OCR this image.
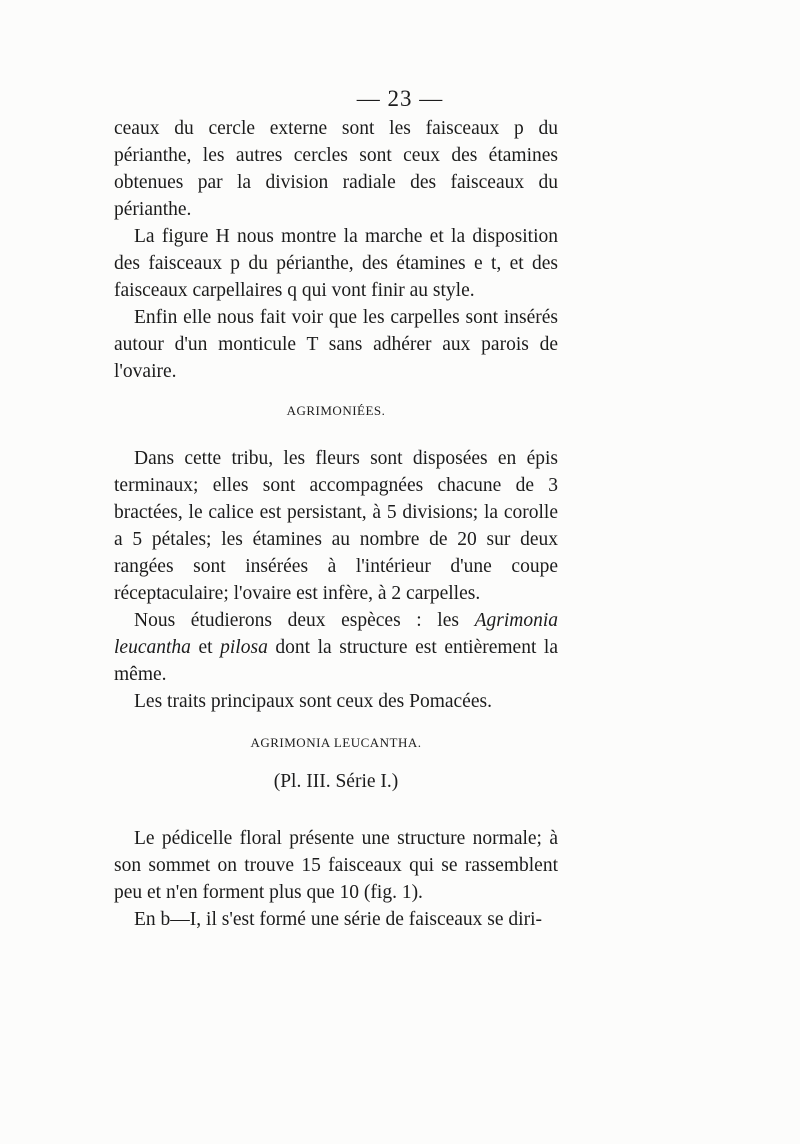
— 23 —

ceaux du cercle externe sont les faisceaux p du périanthe, les autres cercles sont ceux des étamines obtenues par la division radiale des faisceaux du périanthe.

La figure H nous montre la marche et la disposition des faisceaux p du périanthe, des étamines e t, et des faisceaux carpellaires q qui vont finir au style.

Enfin elle nous fait voir que les carpelles sont insérés autour d'un monticule T sans adhérer aux parois de l'ovaire.

AGRIMONIÉES.

Dans cette tribu, les fleurs sont disposées en épis terminaux; elles sont accompagnées chacune de 3 bractées, le calice est persistant, à 5 divisions; la corolle a 5 pétales; les étamines au nombre de 20 sur deux rangées sont insérées à l'intérieur d'une coupe réceptaculaire; l'ovaire est infère, à 2 carpelles.

Nous étudierons deux espèces : les Agrimonia leucantha et pilosa dont la structure est entièrement la même.

Les traits principaux sont ceux des Pomacées.

AGRIMONIA LEUCANTHA.

(Pl. III. Série I.)

Le pédicelle floral présente une structure normale; à son sommet on trouve 15 faisceaux qui se rassemblent peu et n'en forment plus que 10 (fig. 1).

En b—I, il s'est formé une série de faisceaux se diri-
